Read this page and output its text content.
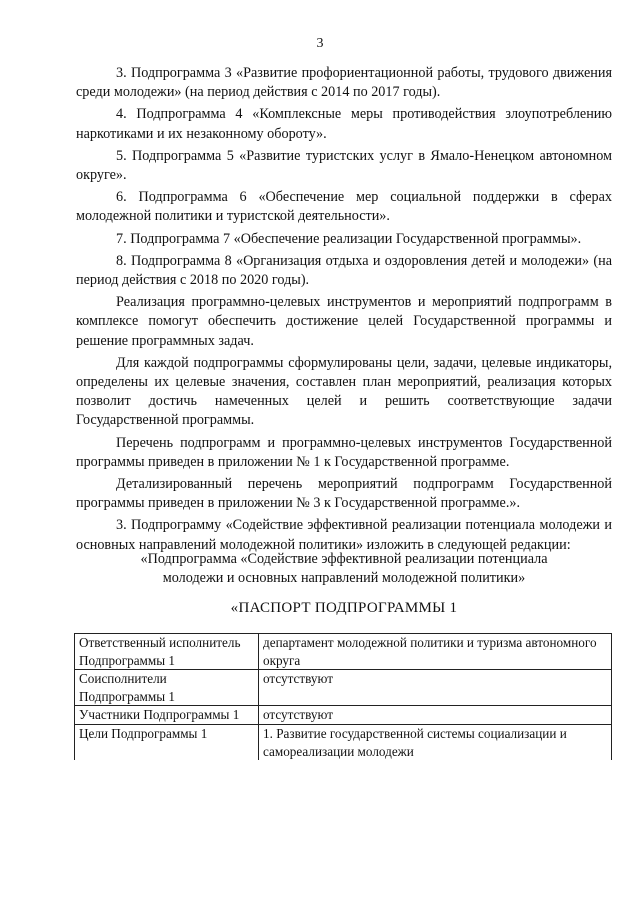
3

3. Подпрограмма 3 «Развитие профориентационной работы, трудового движения среди молодежи» (на период действия с 2014 по 2017 годы).

4. Подпрограмма 4 «Комплексные меры противодействия злоупотреблению наркотиками и их незаконному обороту».

5. Подпрограмма 5 «Развитие туристских услуг в Ямало-Ненецком автономном округе».

6. Подпрограмма 6 «Обеспечение мер социальной поддержки в сферах молодежной политики и туристской деятельности».

7. Подпрограмма 7 «Обеспечение реализации Государственной программы».

8. Подпрограмма 8 «Организация отдыха и оздоровления детей и молодежи» (на период действия с 2018 по 2020 годы).

Реализация программно-целевых инструментов и мероприятий подпрограмм в комплексе помогут обеспечить достижение целей Государственной программы и решение программных задач.

Для каждой подпрограммы сформулированы цели, задачи, целевые индикаторы, определены их целевые значения, составлен план мероприятий, реализация которых позволит достичь намеченных целей и решить соответствующие задачи Государственной программы.

Перечень подпрограмм и программно-целевых инструментов Государственной программы приведен в приложении № 1 к Государственной программе.

Детализированный перечень мероприятий подпрограмм Государственной программы приведен в приложении № 3 к Государственной программе.».

3. Подпрограмму «Содействие эффективной реализации потенциала молодежи и основных направлений молодежной политики» изложить в следующей редакции:

«Подпрограмма «Содействие эффективной реализации потенциала
молодежи и основных направлений молодежной политики»
«ПАСПОРТ ПОДПРОГРАММЫ 1
Ответственный исполнитель Подпрограммы 1	департамент молодежной политики и туризма автономного округа
Соисполнители Подпрограммы 1	отсутствуют
Участники Подпрограммы 1	отсутствуют
Цели Подпрограммы 1	1. Развитие государственной системы социализации и самореализации молодежи
